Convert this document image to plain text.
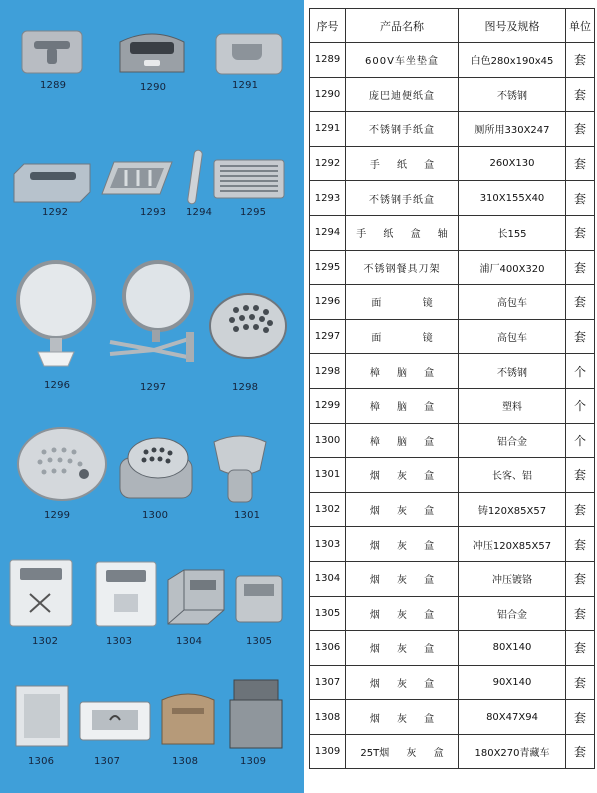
1289	1290	1291
1292	1293 1294	1295
1296	1297	1298
1299	1300	1301
1302	1303	1304	1305
1306	1307	1308	1309
序号	产品名称	图号及规格	单位
1289	600V车坐垫盒	白色280x190x45	套
1290	庞巴迪便纸盒	不锈钢	套
1291	不锈钢手纸盒	厕所用330X247	套
1292	手 纸 盒	260X130	套
1293	不锈钢手纸盒	310X155X40	套
1294	手 纸 盒 轴	长155	套
1295	不锈钢餐具刀架	浦厂400X320	套
1296	面 镜	高包车	套
1297	面 镜	高包车	套
1298	樟 脑 盒	不锈钢	个
1299	樟 脑 盒	塑料	个
1300	樟 脑 盒	铝合金	个
1301	烟 灰 盒	长客、铝	套
1302	烟 灰 盒	铸120X85X57	套
1303	烟 灰 盒	冲压120X85X57	套
1304	烟 灰 盒	冲压镀铬	套
1305	烟 灰 盒	铝合金	套
1306	烟 灰 盒	80X140	套
1307	烟 灰 盒	90X140	套
1308	烟 灰 盒	80X47X94	套
1309	25T烟 灰 盒	180X270青藏车	套
